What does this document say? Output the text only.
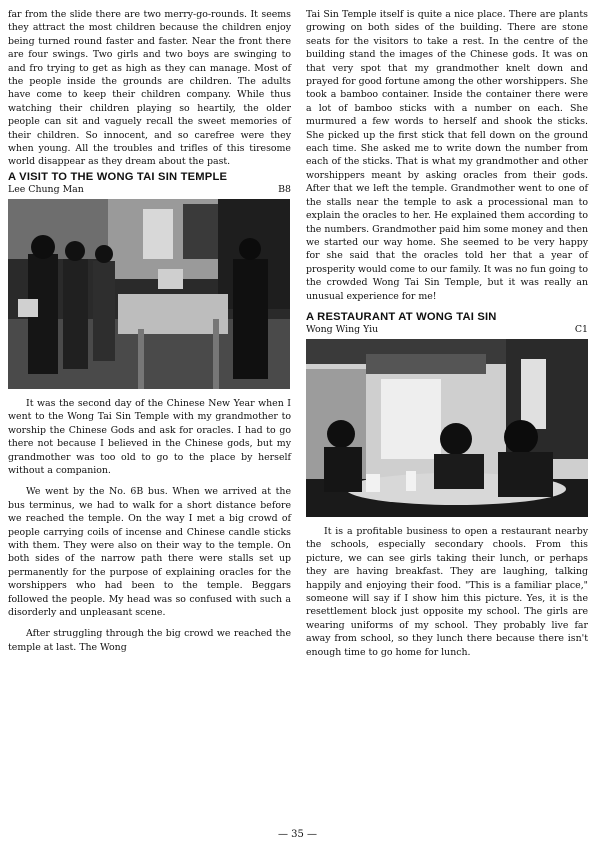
far from the slide there are two merry-go-rounds. It seems they attract the most children because the children enjoy being turned round faster and faster. Near the front there are four swings. Two girls and two boys are swinging to and fro trying to get as high as they can manage. Most of the people inside the grounds are children. The adults have come to keep their children company. While thus watching their children playing so heartily, the older people can sit and vaguely recall the sweet memories of their children. So innocent, and so carefree were they when young. All the troubles and trifles of this tiresome world disappear as they dream about the past.

A VISIT TO THE WONG TAI SIN TEMPLE
Lee Chung Man	B8

It was the second day of the Chinese New Year when I went to the Wong Tai Sin Temple with my grandmother to worship the Chinese Gods and ask for oracles. I had to go there not because I believed in the Chinese gods, but my grandmother was too old to go to the place by herself without a companion.

We went by the No. 6B bus. When we arrived at the bus terminus, we had to walk for a short distance before we reached the temple. On the way I met a big crowd of people carrying coils of incense and Chinese candle sticks with them. They were also on their way to the temple. On both sides of the narrow path there were stalls set up permanently for the purpose of explaining oracles for the worshippers who had been to the temple. Beggars followed the people. My head was so confused with such a disorderly and unpleasant scene.

After struggling through the big crowd we reached the temple at last. The Wong

Tai Sin Temple itself is quite a nice place. There are plants growing on both sides of the building. There are stone seats for the visitors to take a rest. In the centre of the building stand the images of the Chinese gods. It was on that very spot that my grandmother knelt down and prayed for good fortune among the other worshippers. She took a bamboo container. Inside the container there were a lot of bamboo sticks with a number on each. She murmured a few words to herself and shook the sticks. She picked up the first stick that fell down on the ground each time. She asked me to write down the number from each of the sticks. That is what my grandmother and other worshippers meant by asking oracles from their gods. After that we left the temple. Grandmother went to one of the stalls near the temple to ask a processional man to explain the oracles to her. He explained them according to the numbers. Grandmother paid him some money and then we started our way home. She seemed to be very happy for she said that the oracles told her that a year of prosperity would come to our family. It was no fun going to the crowded Wong Tai Sin Temple, but it was really an unusual experience for me!

A RESTAURANT AT WONG TAI SIN
Wong Wing Yiu	C1

It is a profitable business to open a restaurant nearby the schools, especially secondary chools. From this picture, we can see girls taking their lunch, or perhaps they are having breakfast. They are laughing, talking happily and enjoying their food. "This is a familiar place," someone will say if I show him this picture. Yes, it is the resettlement block just opposite my school. The girls are wearing uniforms of my school. They probably live far away from school, so they lunch there because there isn't enough time to go home for lunch.

— 35 —
